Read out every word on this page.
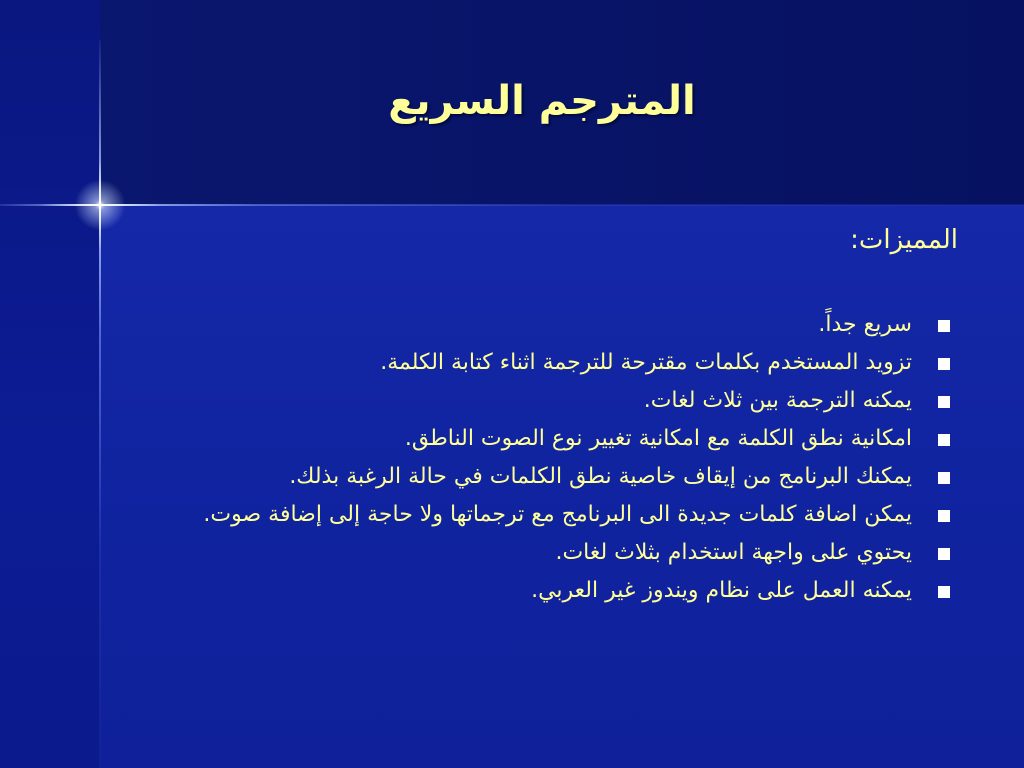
المترجم السريع
المميزات:
سريع جداً.
تزويد المستخدم بكلمات مقترحة للترجمة اثناء كتابة الكلمة.
يمكنه الترجمة بين ثلاث لغات.
امكانية نطق الكلمة مع امكانية تغيير نوع الصوت الناطق.
يمكنك البرنامج من إيقاف خاصية نطق الكلمات في حالة الرغبة بذلك.
يمكن اضافة كلمات جديدة الى البرنامج مع ترجماتها ولا حاجة إلى إضافة صوت.
يحتوي على واجهة استخدام بثلاث لغات.
يمكنه العمل على نظام ويندوز غير العربي.
